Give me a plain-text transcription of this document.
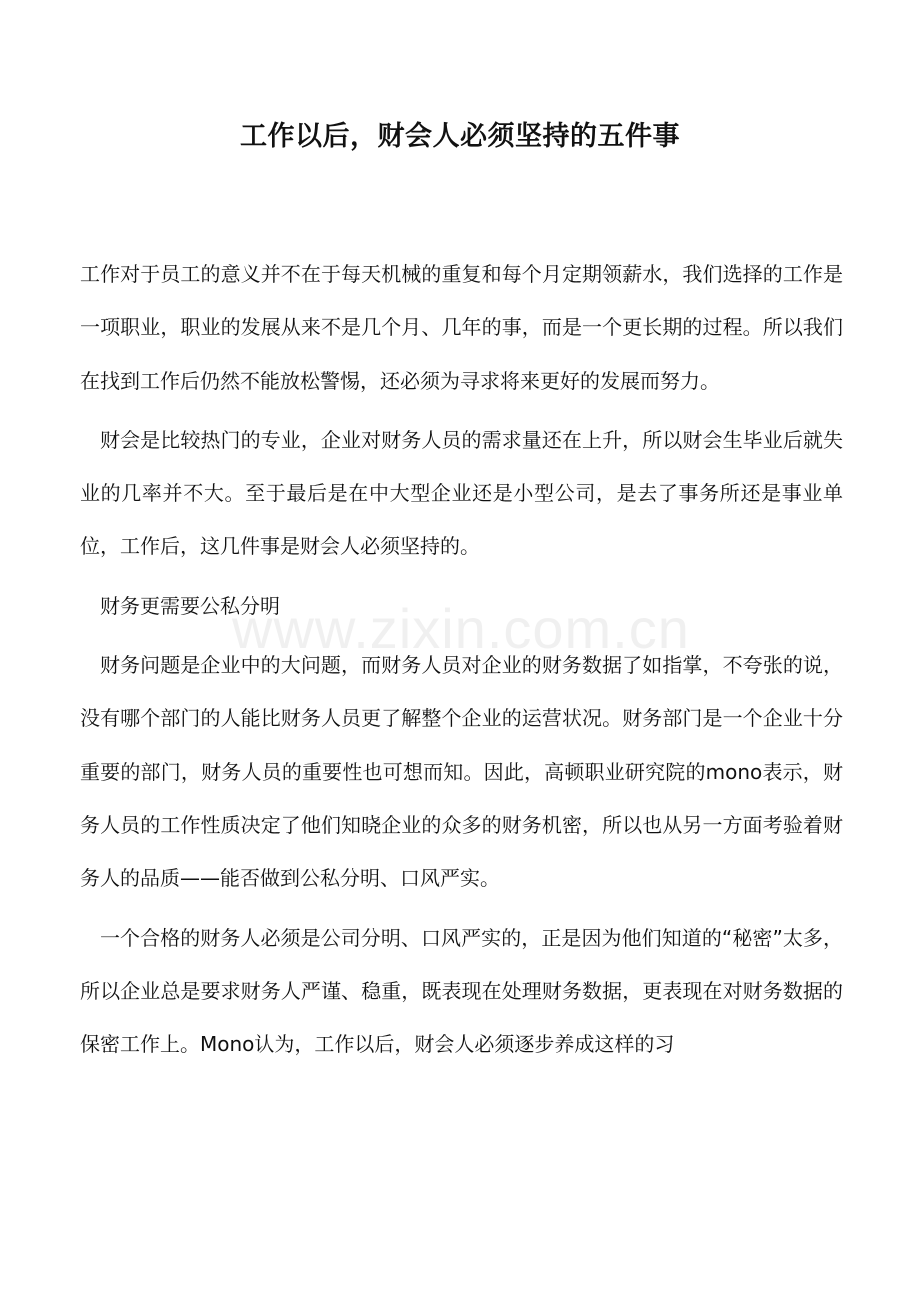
工作以后，财会人必须坚持的五件事

工作对于员工的意义并不在于每天机械的重复和每个月定期领薪水，我们选择的工作是一项职业，职业的发展从来不是几个月、几年的事，而是一个更长期的过程。所以我们在找到工作后仍然不能放松警惕，还必须为寻求将来更好的发展而努力。

财会是比较热门的专业，企业对财务人员的需求量还在上升，所以财会生毕业后就失业的几率并不大。至于最后是在中大型企业还是小型公司，是去了事务所还是事业单位，工作后，这几件事是财会人必须坚持的。

财务更需要公私分明

财务问题是企业中的大问题，而财务人员对企业的财务数据了如指掌，不夸张的说，没有哪个部门的人能比财务人员更了解整个企业的运营状况。财务部门是一个企业十分重要的部门，财务人员的重要性也可想而知。因此，高顿职业研究院的mono表示，财务人员的工作性质决定了他们知晓企业的众多的财务机密，所以也从另一方面考验着财务人的品质——能否做到公私分明、口风严实。

一个合格的财务人必须是公司分明、口风严实的，正是因为他们知道的“秘密”太多，所以企业总是要求财务人严谨、稳重，既表现在处理财务数据，更表现在对财务数据的保密工作上。Mono认为，工作以后，财会人必须逐步养成这样的习

www.zixin.com.cn
